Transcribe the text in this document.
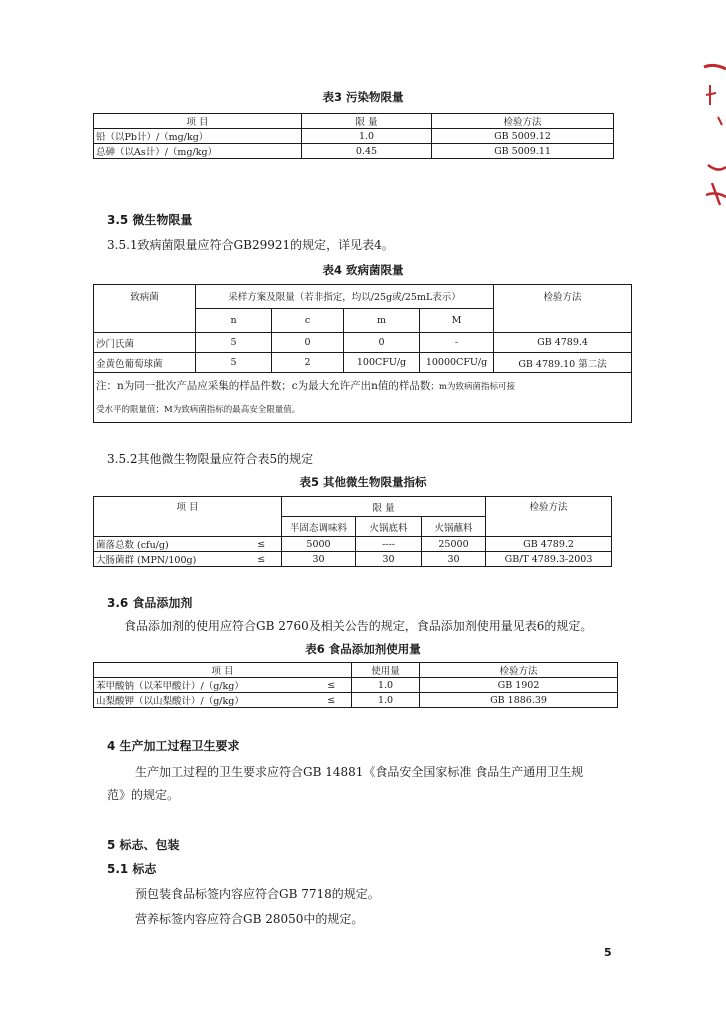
表3 污染物限量
项 目	限 量	检验方法
铅（以Pb计）/（mg/kg）	1.0	GB 5009.12
总砷（以As计）/（mg/kg）	0.45	GB 5009.11
3.5 微生物限量
3.5.1致病菌限量应符合GB29921的规定，详见表4。
表4 致病菌限量
致病菌	采样方案及限量（若非指定，均以/25g或/25mL表示）				检验方法
	n	c	m	M	
沙门氏菌	5	0	0	-	GB 4789.4
金黄色葡萄球菌	5	2	100CFU/g	10000CFU/g	GB 4789.10 第二法
注：n为同一批次产品应采集的样品件数；c为最大允许产出n值的样品数；m为致病菌指标可接
受水平的限量值；M为致病菌指标的最高安全限量值。					
3.5.2其他微生物限量应符合表5的规定
表5 其他微生物限量指标
项 目		限 量			检验方法
		半固态调味料	火锅底料	火锅蘸料	
菌落总数 (cfu/g)	≤	5000	----	25000	GB 4789.2
大肠菌群 (MPN/100g)	≤	30	30	30	GB/T 4789.3-2003
3.6 食品添加剂
食品添加剂的使用应符合GB 2760及相关公告的规定，食品添加剂使用量见表6的规定。
表6 食品添加剂使用量
项 目		使用量	检验方法
苯甲酸钠（以苯甲酸计）/（g/kg）	≤	1.0	GB 1902
山梨酸钾（以山梨酸计）/（g/kg）	≤	1.0	GB 1886.39
4 生产加工过程卫生要求
生产加工过程的卫生要求应符合GB 14881《食品安全国家标准 食品生产通用卫生规
范》的规定。
5 标志、包装
5.1 标志
预包装食品标签内容应符合GB 7718的规定。
营养标签内容应符合GB 28050中的规定。
5
